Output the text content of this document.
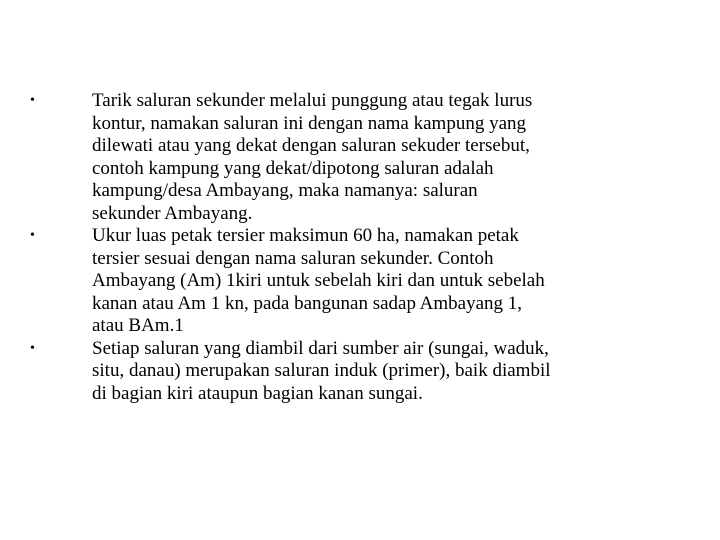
•	Tarik saluran sekunder melalui punggung atau tegak lurus
kontur, namakan saluran ini dengan nama kampung yang
dilewati atau yang dekat dengan saluran sekuder tersebut,
contoh kampung yang dekat/dipotong saluran adalah
kampung/desa Ambayang, maka namanya: saluran
sekunder Ambayang.
•	Ukur luas petak tersier maksimun 60 ha, namakan petak
tersier sesuai dengan nama saluran sekunder. Contoh
Ambayang (Am) 1kiri untuk sebelah kiri dan untuk sebelah
kanan atau Am 1 kn, pada bangunan sadap Ambayang 1,
atau BAm.1
•	Setiap saluran yang diambil dari sumber air (sungai, waduk,
situ, danau) merupakan saluran induk (primer), baik diambil
di bagian kiri ataupun bagian kanan sungai.
